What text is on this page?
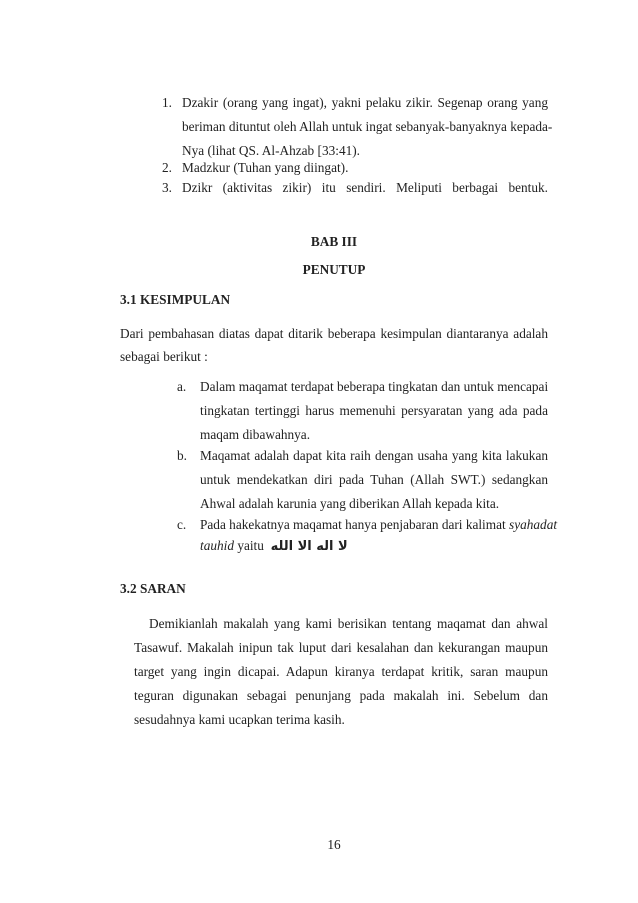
1. Dzakir (orang yang ingat), yakni pelaku zikir. Segenap orang yang

beriman dituntut oleh Allah untuk ingat sebanyak-banyaknya kepada-

Nya (lihat QS. Al-Ahzab [33:41).

2. Madzkur (Tuhan yang diingat).

3. Dzikr (aktivitas zikir) itu sendiri. Meliputi berbagai bentuk.

BAB III

PENUTUP

3.1 KESIMPULAN

Dari pembahasan diatas dapat ditarik beberapa kesimpulan diantaranya adalah

sebagai berikut :

a. Dalam maqamat terdapat beberapa tingkatan dan untuk mencapai

tingkatan tertinggi harus memenuhi persyaratan yang ada pada

maqam dibawahnya.

b. Maqamat adalah dapat kita raih dengan usaha yang kita lakukan

untuk mendekatkan diri pada Tuhan (Allah SWT.) sedangkan

Ahwal adalah karunia yang diberikan Allah kepada kita.

c. Pada hakekatnya maqamat hanya penjabaran dari kalimat syahadat

tauhid yaitu لا اله الا الله

3.2 SARAN

Demikianlah makalah yang kami berisikan tentang maqamat dan ahwal

Tasawuf. Makalah inipun tak luput dari kesalahan dan kekurangan maupun

target yang ingin dicapai. Adapun kiranya terdapat kritik, saran maupun

teguran digunakan sebagai penunjang pada makalah ini. Sebelum dan

sesudahnya kami ucapkan terima kasih.

16
